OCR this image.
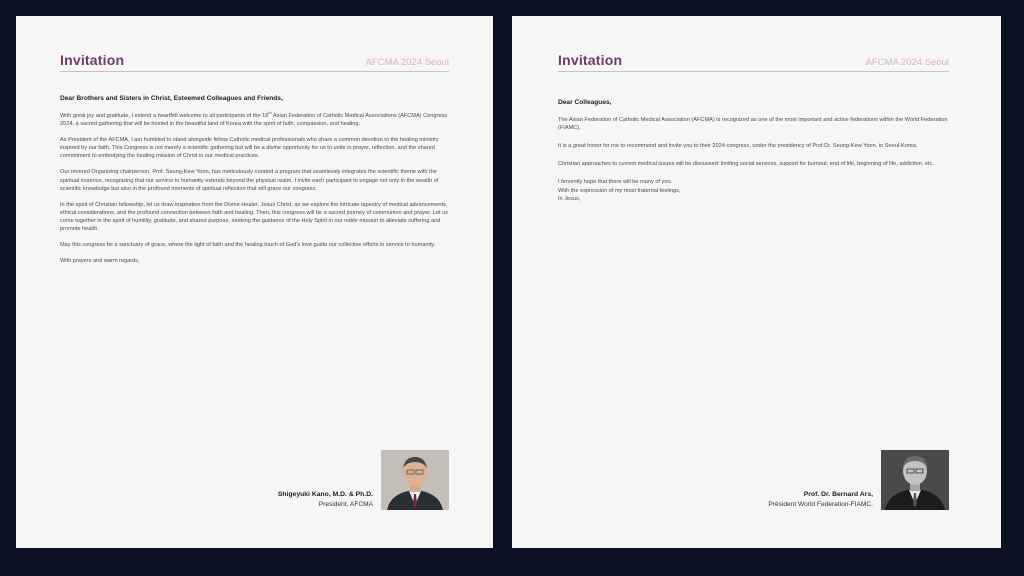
Invitation	AFCMA 2024 Seoul
Dear Brothers and Sisters in Christ, Esteemed Colleagues and Friends,

With great joy and gratitude, I extend a heartfelt welcome to all participants of the 18th Asian Federation of Catholic Medical Associations (AFCMA) Congress 2024, a sacred gathering that will be hosted in the beautiful land of Korea with the spirit of faith, compassion, and healing.

As President of the AFCMA, I am humbled to stand alongside fellow Catholic medical professionals who share a common devotion to the healing ministry inspired by our faith. This Congress is not merely a scientific gathering but will be a divine opportunity for us to unite in prayer, reflection, and the shared commitment to embodying the healing mission of Christ in our medical practices.

Our revered Organizing chairperson, Prof. Seung-Kew Yoon, has meticulously curated a program that seamlessly integrates the scientific theme with the spiritual essence, recognizing that our service to humanity extends beyond the physical realm. I invite each participant to engage not only in the wealth of scientific knowledge but also in the profound moments of spiritual reflection that will grace our congress.

In the spirit of Christian fellowship, let us draw inspiration from the Divine Healer, Jesus Christ, as we explore the intricate tapestry of medical advancements, ethical considerations, and the profound connection between faith and healing. Then, this congress will be a sacred journey of communion and prayer. Let us come together in the spirit of humility, gratitude, and shared purpose, seeking the guidance of the Holy Spirit in our noble mission to alleviate suffering and promote health.

May this congress be a sanctuary of grace, where the light of faith and the healing touch of God's love guide our collective efforts in service to humanity.

With prayers and warm regards,

Shigeyuki Kano, M.D. & Ph.D.
President, AFCMA
Invitation	AFCMA 2024 Seoul
Dear Colleagues,

The Asian Federation of Catholic Medical Association (AFCMA) is recognized as one of the most important and active federations within the World Federation (FIAMC).

It is a great honor for me to recommend and invite you to their 2024 congress, under the presidency of Prof.Dr. Seung-Kew Yoon, in Seoul-Korea.

Christian approaches to current medical issues will be discussed: limiting social services, support for burnout, end of life, beginning of life, addiction, etc.

I fervently hope that there will be many of you.
With the expression of my most fraternal feelings,
In Jesus,

Prof. Dr. Bernard Ars,
Président World Federation-FIAMC.
